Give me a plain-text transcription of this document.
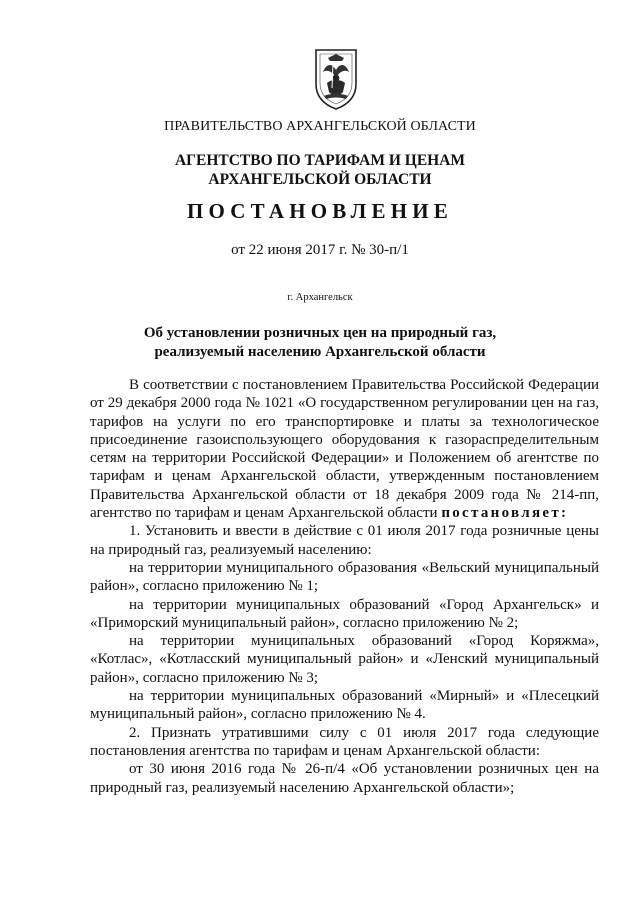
ПРАВИТЕЛЬСТВО АРХАНГЕЛЬСКОЙ ОБЛАСТИ
АГЕНТСТВО ПО ТАРИФАМ И ЦЕНАМ
АРХАНГЕЛЬСКОЙ ОБЛАСТИ
ПОСТАНОВЛЕНИЕ
от 22 июня 2017 г. № 30-п/1
г. Архангельск
Об установлении розничных цен на природный газ,
реализуемый населению Архангельской области

В соответствии с постановлением Правительства Российской Федерации от 29 декабря 2000 года № 1021 «О государственном регулировании цен на газ, тарифов на услуги по его транспортировке и платы за технологическое присоединение газоиспользующего оборудования к газораспределительным сетям на территории Российской Федерации» и Положением об агентстве по тарифам и ценам Архангельской области, утвержденным постановлением Правительства Архангельской области от 18 декабря 2009 года № 214-пп, агентство по тарифам и ценам Архангельской области постановляет:

1. Установить и ввести в действие с 01 июля 2017 года розничные цены на природный газ, реализуемый населению:

на территории муниципального образования «Вельский муниципальный район», согласно приложению № 1;

на территории муниципальных образований «Город Архангельск» и «Приморский муниципальный район», согласно приложению № 2;

на территории муниципальных образований «Город Коряжма», «Котлас», «Котласский муниципальный район» и «Ленский муниципальный район», согласно приложению № 3;

на территории муниципальных образований «Мирный» и «Плесецкий муниципальный район», согласно приложению № 4.

2. Признать утратившими силу с 01 июля 2017 года следующие постановления агентства по тарифам и ценам Архангельской области:

от 30 июня 2016 года № 26-п/4 «Об установлении розничных цен на природный газ, реализуемый населению Архангельской области»;
